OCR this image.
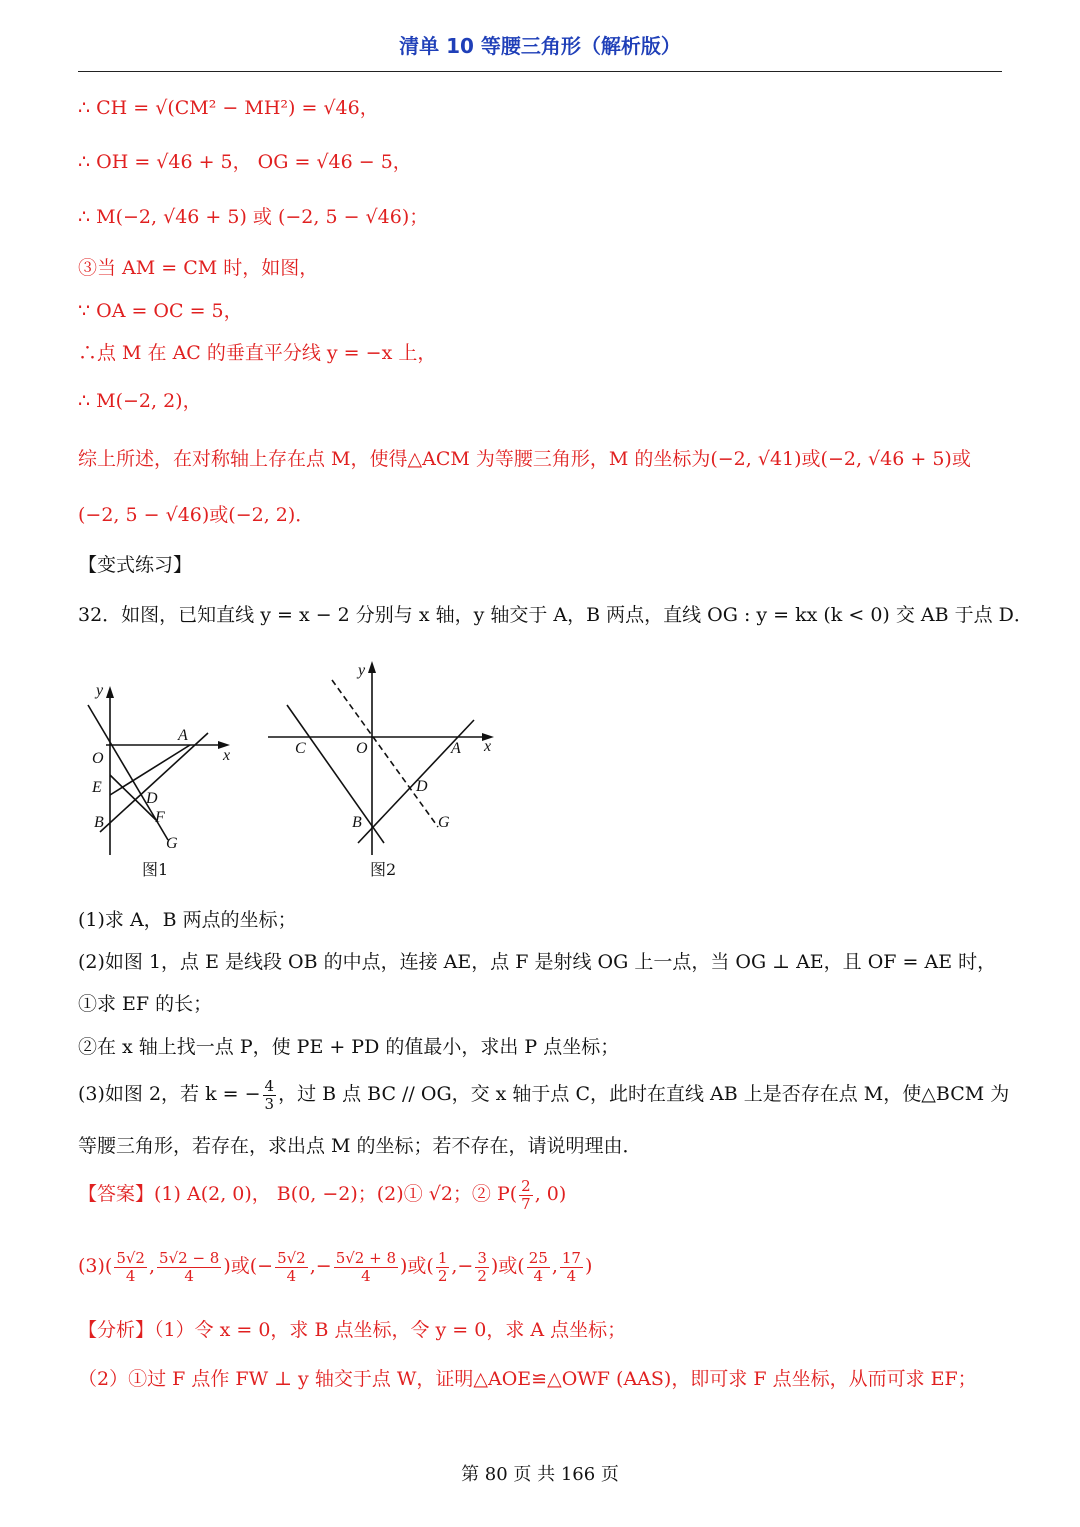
清单 10 等腰三角形（解析版）
∴ CH = √(CM² − MH²) = √46，
∴ OH = √46 + 5， OG = √46 − 5，
∴ M(−2, √46 + 5) 或 (−2, 5 − √46)；
③当 AM = CM 时，如图，
∵ OA = OC = 5，
∴点 M 在 AC 的垂直平分线 y = −x 上，
∴ M(−2, 2)，
综上所述，在对称轴上存在点 M，使得△ACM 为等腰三角形，M 的坐标为(−2, √41)或(−2, √46 + 5)或
(−2, 5 − √46)或(−2, 2)．
【变式练习】
32．如图，已知直线 y = x − 2 分别与 x 轴，y 轴交于 A，B 两点，直线 OG : y = kx (k < 0) 交 AB 于点 D．
y
x
O
A
E
D
B	F
G
图1
y
x
C	O	A
D
B	G
图2
(1)求 A，B 两点的坐标；
(2)如图 1，点 E 是线段 OB 的中点，连接 AE，点 F 是射线 OG 上一点，当 OG ⊥ AE，且 OF = AE 时，
①求 EF 的长；
②在 x 轴上找一点 P，使 PE + PD 的值最小，求出 P 点坐标；
(3)如图 2，若 k = − $\frac{4}{3}$ ，过 B 点 BC // OG，交 x 轴于点 C，此时在直线 AB 上是否存在点 M，使△BCM 为
等腰三角形，若存在，求出点 M 的坐标；若不存在，请说明理由．
【答案】(1) A(2, 0)， B(0, −2)；(2)① √2；② $P( \frac{2}{7}$ , 0)
$(3)( \frac{5√2}{4}$ , $\frac{5√2 - 8}{4}$ )或(− $\frac{5√2}{4}$ ,− $\frac{5√2 + 8}{4}$ )或( $\frac{1}{2}$ ,− $\frac{3}{2}$ )或( $\frac{25}{4}$ , $\frac{17}{4}$ )
【分析】（1）令 x = 0，求 B 点坐标，令 y = 0，求 A 点坐标；
（2）①过 F 点作 FW ⊥ y 轴交于点 W，证明△AOE≌△OWF (AAS)，即可求 F 点坐标，从而可求 EF；
第 80 页 共 166 页
